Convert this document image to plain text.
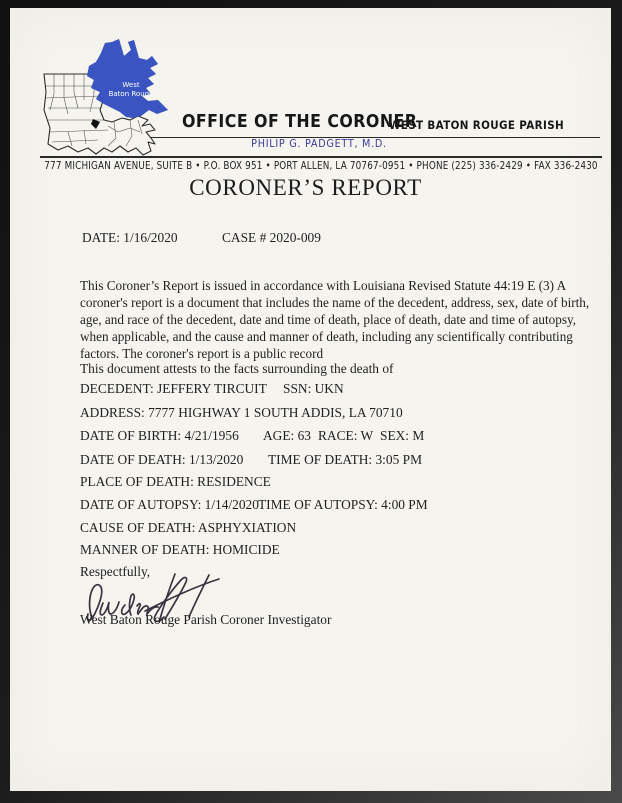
OFFICE OF THE CORONER
WEST BATON ROUGE PARISH
PHILIP G. PADGETT, M.D.
777 MICHIGAN AVENUE, SUITE B • P.O. BOX 951 • PORT ALLEN, LA 70767-0951 • PHONE (225) 336-2429 • FAX 336-2430
West
Baton Rouge
CORONER’S REPORT
DATE: 1/16/2020	CASE # 2020-009
This Coroner’s Report is issued in accordance with Louisiana Revised Statute 44:19 E (3) A
coroner's report is a document that includes the name of the decedent, address, sex, date of birth,
age, and race of the decedent, date and time of death, place of death, date and time of autopsy,
when applicable, and the cause and manner of death, including any scientifically contributing
factors. The coroner's report is a public record
This document attests to the facts surrounding the death of
DECEDENT: JEFFERY TIRCUIT SSN: UKN
ADDRESS: 7777 HIGHWAY 1 SOUTH ADDIS, LA 70710
DATE OF BIRTH: 4/21/1956 AGE: 63 RACE: W SEX: M
DATE OF DEATH: 1/13/2020 TIME OF DEATH: 3:05 PM
PLACE OF DEATH: RESIDENCE
DATE OF AUTOPSY: 1/14/2020 TIME OF AUTOPSY: 4:00 PM
CAUSE OF DEATH: ASPHYXIATION
MANNER OF DEATH: HOMICIDE
Respectfully,
West Baton Rouge Parish Coroner Investigator
